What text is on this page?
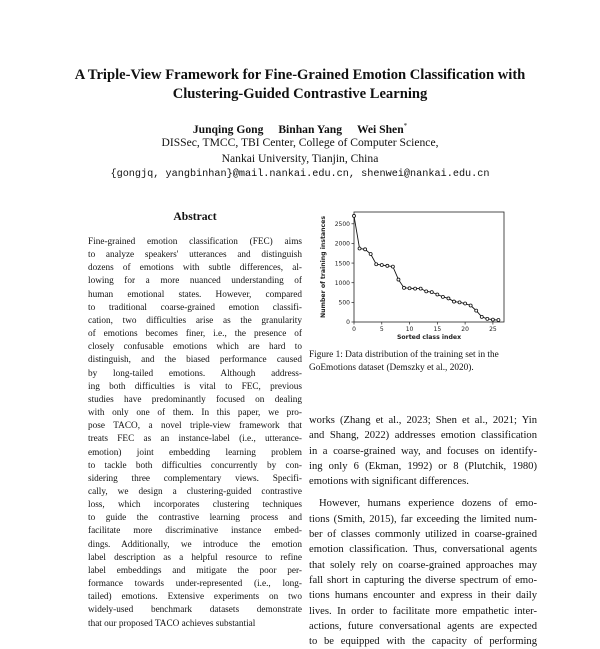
A Triple-View Framework for Fine-Grained Emotion Classification with
Clustering-Guided Contrastive Learning
Junqing Gong Binhan Yang Wei Shen*
DISSec, TMCC, TBI Center, College of Computer Science,
Nankai University, Tianjin, China
{gongjq, yangbinhan}@mail.nankai.edu.cn, shenwei@nankai.edu.cn
Abstract
Fine-grained emotion classification (FEC) aims
to analyze speakers' utterances and distinguish
dozens of emotions with subtle differences, al-
lowing for a more nuanced understanding of
human emotional states. However, compared
to traditional coarse-grained emotion classifi-
cation, two difficulties arise as the granularity
of emotions becomes finer, i.e., the presence of
closely confusable emotions which are hard to
distinguish, and the biased performance caused
by long-tailed emotions. Although address-
ing both difficulties is vital to FEC, previous
studies have predominantly focused on dealing
with only one of them. In this paper, we pro-
pose TACO, a novel triple-view framework that
treats FEC as an instance-label (i.e., utterance-
emotion) joint embedding learning problem
to tackle both difficulties concurrently by con-
sidering three complementary views. Specifi-
cally, we design a clustering-guided contrastive
loss, which incorporates clustering techniques
to guide the contrastive learning process and
facilitate more discriminative instance embed-
dings. Additionally, we introduce the emotion
label description as a helpful resource to refine
label embeddings and mitigate the poor per-
formance towards under-represented (i.e., long-
tailed) emotions. Extensive experiments on two
widely-used benchmark datasets demonstrate
that our proposed TACO achieves substantial
0
500
1000
1500
2000
2500
0	5	10	15	20	25
Sorted class index
Number of training instances
Figure 1: Data distribution of the training set in the
GoEmotions dataset (Demszky et al., 2020).
works (Zhang et al., 2023; Shen et al., 2021; Yin
and Shang, 2022) addresses emotion classification
in a coarse-grained way, and focuses on identify-
ing only 6 (Ekman, 1992) or 8 (Plutchik, 1980)
emotions with significant differences.
However, humans experience dozens of emo-
tions (Smith, 2015), far exceeding the limited num-
ber of classes commonly utilized in coarse-grained
emotion classification. Thus, conversational agents
that solely rely on coarse-grained approaches may
fall short in capturing the diverse spectrum of emo-
tions humans encounter and express in their daily
lives. In order to facilitate more empathetic inter-
actions, future conversational agents are expected
to be equipped with the capacity of performing
